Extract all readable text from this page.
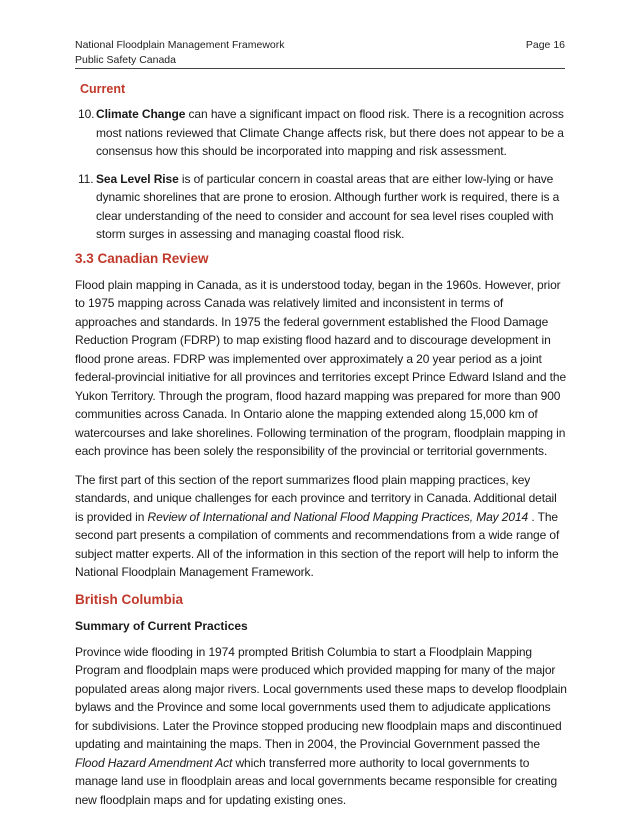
National Floodplain Management Framework	Page 16
Public Safety Canada
Current
10. Climate Change can have a significant impact on flood risk. There is a recognition across most nations reviewed that Climate Change affects risk, but there does not appear to be a consensus how this should be incorporated into mapping and risk assessment.
11. Sea Level Rise is of particular concern in coastal areas that are either low-lying or have dynamic shorelines that are prone to erosion. Although further work is required, there is a clear understanding of the need to consider and account for sea level rises coupled with storm surges in assessing and managing coastal flood risk.
3.3 Canadian Review

Flood plain mapping in Canada, as it is understood today, began in the 1960s. However, prior to 1975 mapping across Canada was relatively limited and inconsistent in terms of approaches and standards. In 1975 the federal government established the Flood Damage Reduction Program (FDRP) to map existing flood hazard and to discourage development in flood prone areas. FDRP was implemented over approximately a 20 year period as a joint federal-provincial initiative for all provinces and territories except Prince Edward Island and the Yukon Territory. Through the program, flood hazard mapping was prepared for more than 900 communities across Canada. In Ontario alone the mapping extended along 15,000 km of watercourses and lake shorelines. Following termination of the program, floodplain mapping in each province has been solely the responsibility of the provincial or territorial governments.

The first part of this section of the report summarizes flood plain mapping practices, key standards, and unique challenges for each province and territory in Canada. Additional detail is provided in Review of International and National Flood Mapping Practices, May 2014 . The second part presents a compilation of comments and recommendations from a wide range of subject matter experts. All of the information in this section of the report will help to inform the National Floodplain Management Framework.

British Columbia
Summary of Current Practices

Province wide flooding in 1974 prompted British Columbia to start a Floodplain Mapping Program and floodplain maps were produced which provided mapping for many of the major populated areas along major rivers. Local governments used these maps to develop floodplain bylaws and the Province and some local governments used them to adjudicate applications for subdivisions. Later the Province stopped producing new floodplain maps and discontinued updating and maintaining the maps. Then in 2004, the Provincial Government passed the Flood Hazard Amendment Act which transferred more authority to local governments to manage land use in floodplain areas and local governments became responsible for creating new floodplain maps and for updating existing ones.
